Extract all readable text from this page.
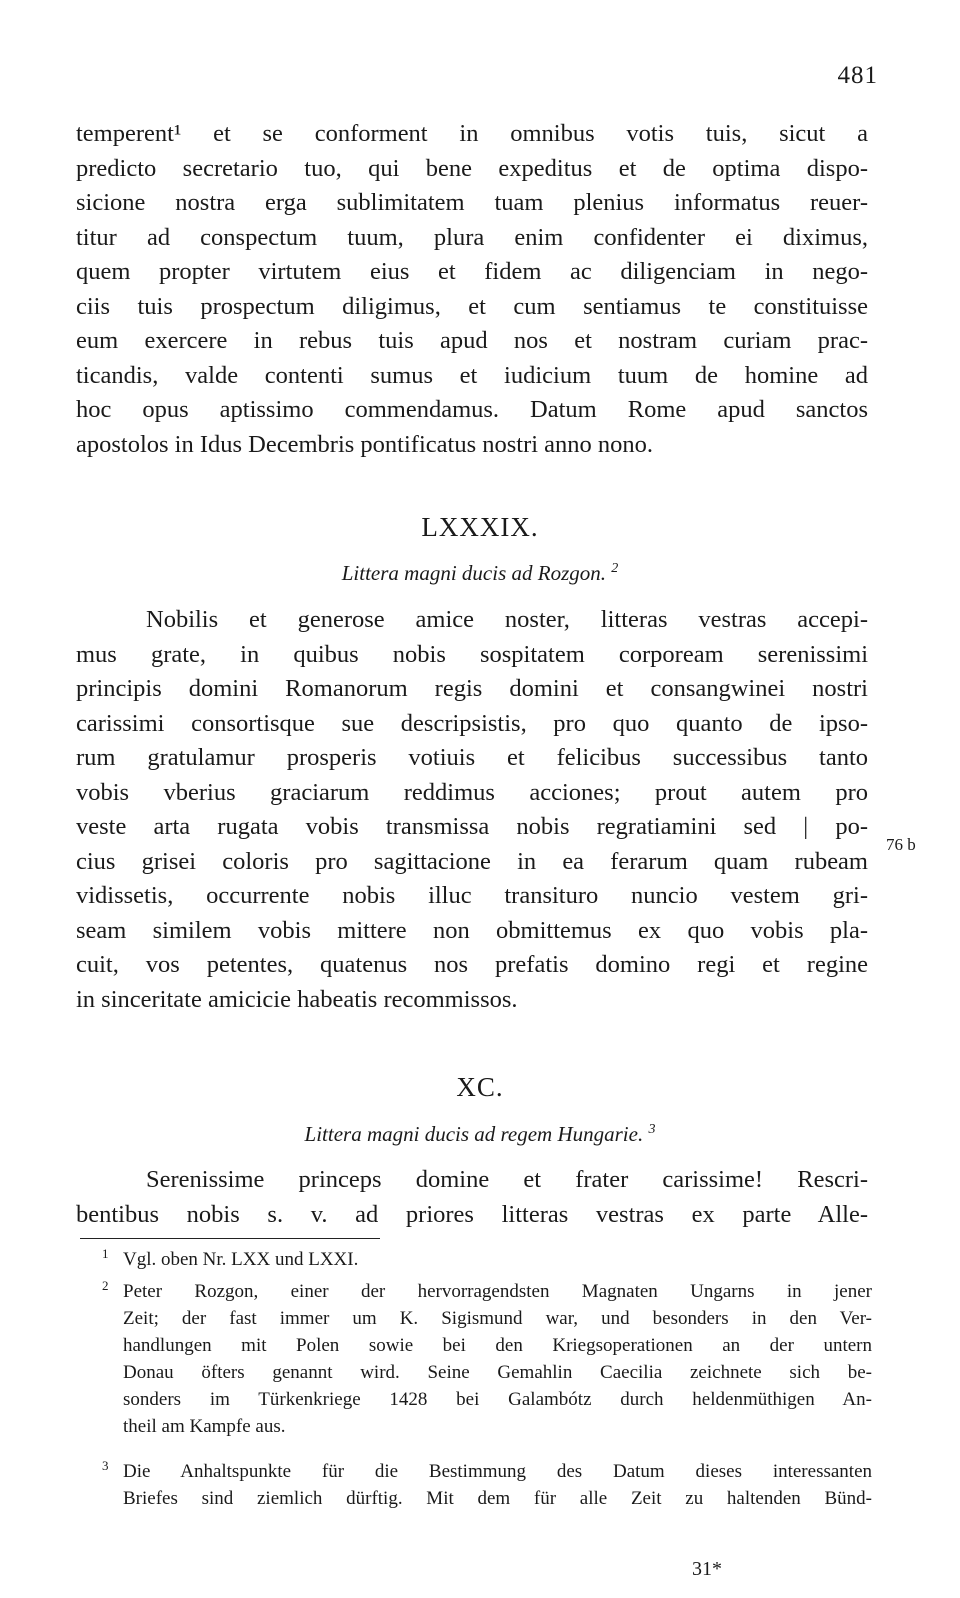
481
temperent¹ et se conforment in omnibus votis tuis, sicut a
predicto secretario tuo, qui bene expeditus et de optima dispo-
sicione nostra erga sublimitatem tuam plenius informatus reuer-
titur ad conspectum tuum, plura enim confidenter ei diximus,
quem propter virtutem eius et fidem ac diligenciam in nego-
ciis tuis prospectum diligimus, et cum sentiamus te constituisse
eum exercere in rebus tuis apud nos et nostram curiam prac-
ticandis, valde contenti sumus et iudicium tuum de homine ad
hoc opus aptissimo commendamus. Datum Rome apud sanctos
apostolos in Idus Decembris pontificatus nostri anno nono.
LXXXIX.
Littera magni ducis ad Rozgon. $^2$
Nobilis et generose amice noster, litteras vestras accepi-
mus grate, in quibus nobis sospitatem corpoream serenissimi
principis domini Romanorum regis domini et consangwinei nostri
carissimi consortisque sue descripsistis, pro quo quanto de ipso-
rum gratulamur prosperis votiuis et felicibus successibus tanto
vobis vberius graciarum reddimus acciones; prout autem pro
veste arta rugata vobis transmissa nobis regratiamini sed | po-
cius grisei coloris pro sagittacione in ea ferarum quam rubeam
vidissetis, occurrente nobis illuc transituro nuncio vestem gri-
seam similem vobis mittere non obmittemus ex quo vobis pla-
cuit, vos petentes, quatenus nos prefatis domino regi et regine
in sinceritate amicicie habeatis recommissos.
76 b
XC.
Littera magni ducis ad regem Hungarie. $^3$
Serenissime princeps domine et frater carissime! Rescri-
bentibus nobis s. v. ad priores litteras vestras ex parte Alle-
1 Vgl. oben Nr. LXX und LXXI.
2 Peter Rozgon, einer der hervorragendsten Magnaten Ungarns in jener
Zeit; der fast immer um K. Sigismund war, und besonders in den Ver-
handlungen mit Polen sowie bei den Kriegsoperationen an der untern
Donau öfters genannt wird. Seine Gemahlin Caecilia zeichnete sich be-
sonders im Türkenkriege 1428 bei Galambótz durch heldenmüthigen An-
theil am Kampfe aus.
3 Die Anhaltspunkte für die Bestimmung des Datum dieses interessanten
Briefes sind ziemlich dürftig. Mit dem für alle Zeit zu haltenden Bünd-
31*
